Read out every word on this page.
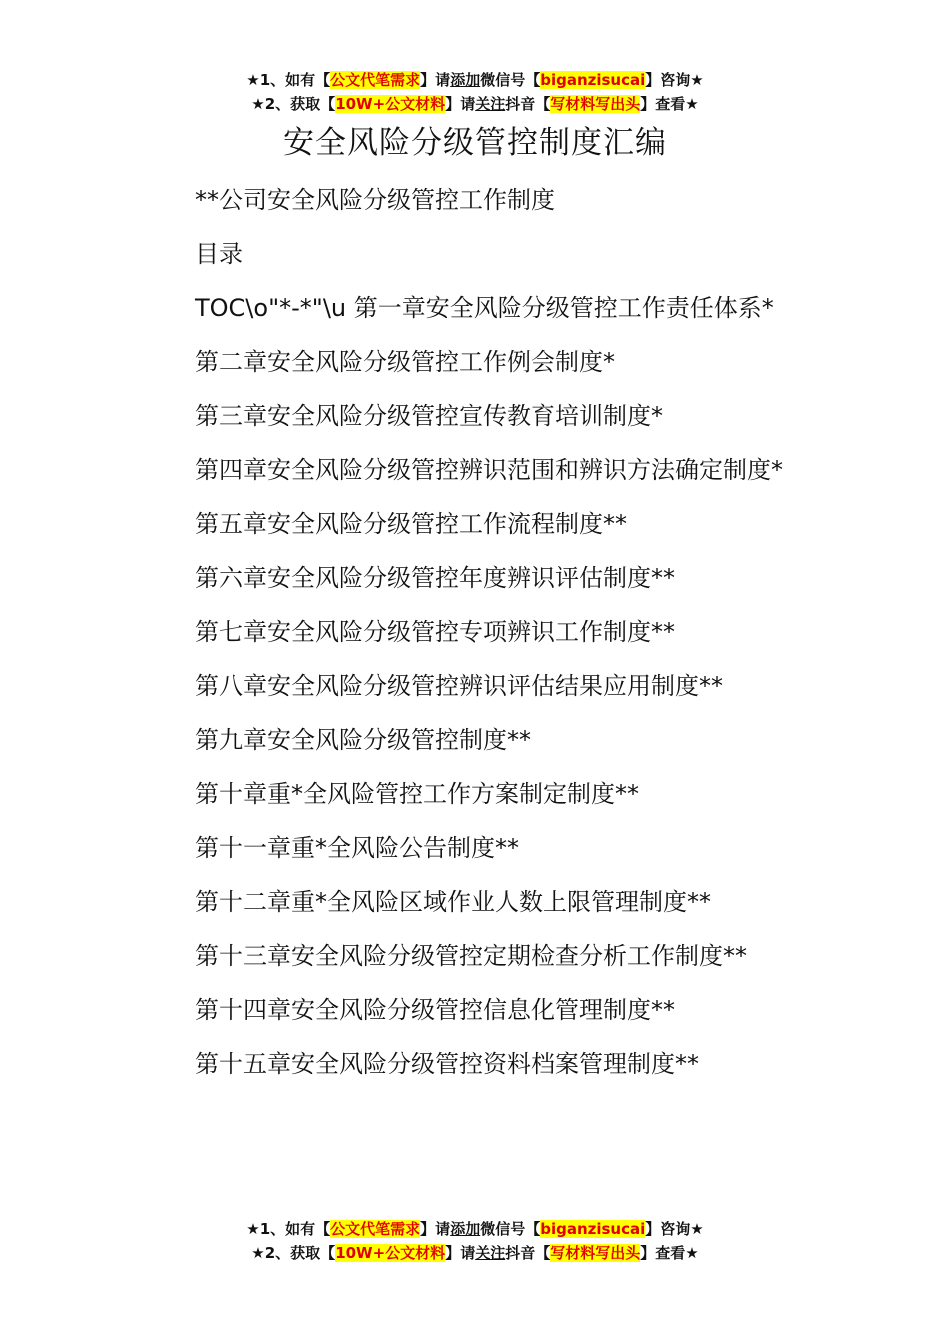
★1、如有【公文代笔需求】请添加微信号【biganzisucai】咨询★
★2、获取【10W+公文材料】请关注抖音【写材料写出头】查看★
安全风险分级管控制度汇编

**公司安全风险分级管控工作制度

目录

TOC\o"*-*"\u 第一章安全风险分级管控工作责任体系*

第二章安全风险分级管控工作例会制度*

第三章安全风险分级管控宣传教育培训制度*

第四章安全风险分级管控辨识范围和辨识方法确定制度*

第五章安全风险分级管控工作流程制度**

第六章安全风险分级管控年度辨识评估制度**

第七章安全风险分级管控专项辨识工作制度**

第八章安全风险分级管控辨识评估结果应用制度**

第九章安全风险分级管控制度**

第十章重*全风险管控工作方案制定制度**

第十一章重*全风险公告制度**

第十二章重*全风险区域作业人数上限管理制度**

第十三章安全风险分级管控定期检查分析工作制度**

第十四章安全风险分级管控信息化管理制度**

第十五章安全风险分级管控资料档案管理制度**

★1、如有【公文代笔需求】请添加微信号【biganzisucai】咨询★
★2、获取【10W+公文材料】请关注抖音【写材料写出头】查看★
